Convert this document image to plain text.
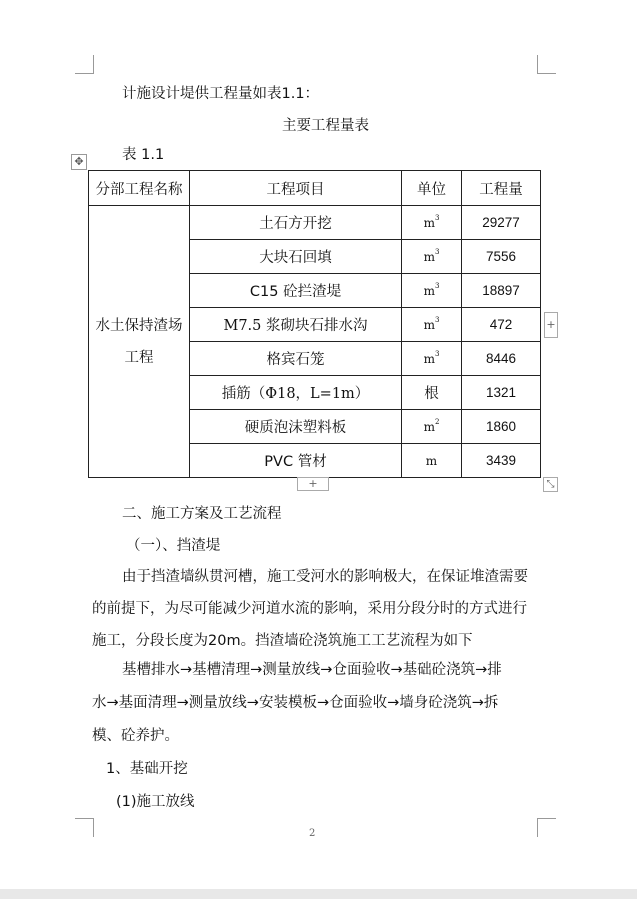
计施设计堤供工程量如表1.1：
主要工程量表
表 1.1
✥
分部工程名称	工程项目	单位	工程量

水土保持渣场
工程	土石方开挖	$m^3$	29277
	大块石回填	$m^3$	7556
	C15 砼拦渣堤	$m^3$	18897
	M7.5 浆砌块石排水沟	$m^3$	472
	格宾石笼	$m^3$	8446
	插筋（Φ18，L=1m）	根	1321
	硬质泡沫塑料板	$m^2$	1860
	PVC 管材	m	3439
+
+	⤡
二、施工方案及工艺流程
（一）、挡渣堤
由于挡渣墙纵贯河槽，施工受河水的影响极大，在保证堆渣需要
的前提下，为尽可能减少河道水流的影响，采用分段分时的方式进行
施工，分段长度为20m。挡渣墙砼浇筑施工工艺流程为如下
基槽排水→基槽清理→测量放线→仓面验收→基础砼浇筑→排
水→基面清理→测量放线→安装模板→仓面验收→墙身砼浇筑→拆
模、砼养护。
1、基础开挖
(1)施工放线
2
